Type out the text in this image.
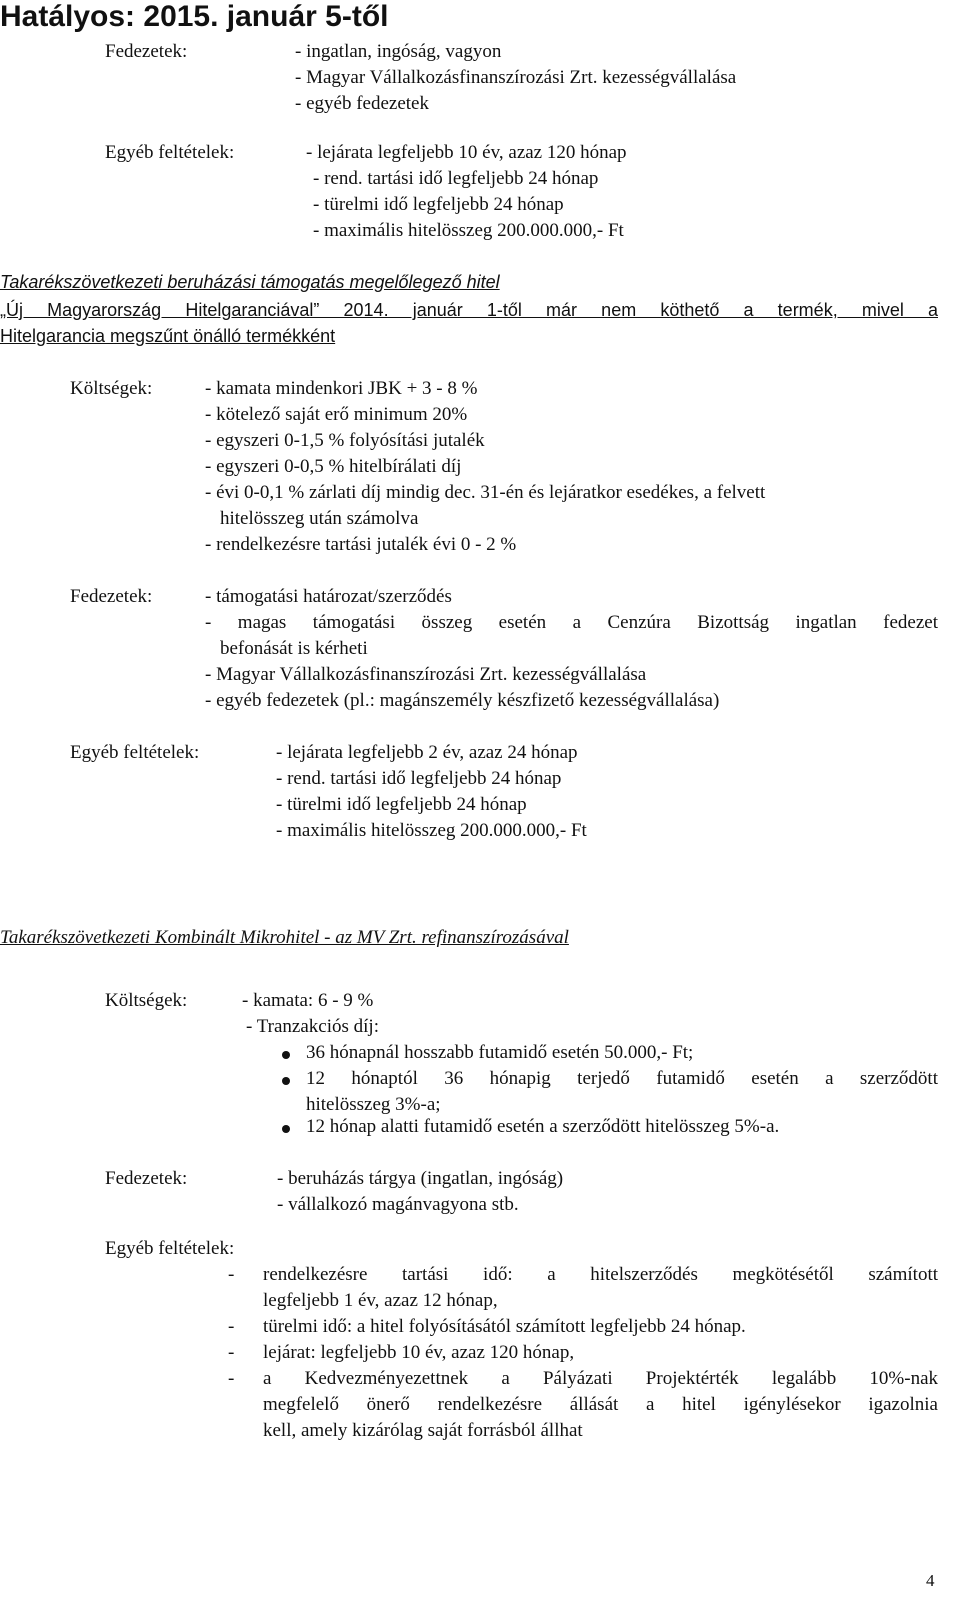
Hatályos: 2015. január 5-től
Fedezetek:	- ingatlan, ingóság, vagyon
- Magyar Vállalkozásfinanszírozási Zrt. kezességvállalása
- egyéb fedezetek
Egyéb feltételek:	- lejárata legfeljebb 10 év, azaz 120 hónap
- rend. tartási idő legfeljebb 24 hónap
- türelmi idő legfeljebb 24 hónap
- maximális hitelösszeg 200.000.000,- Ft
Takarékszövetkezeti beruházási támogatás megelőlegező hitel
„Új Magyarország Hitelgaranciával” 2014. január 1-től már nem köthető a termék, mivel a
Hitelgarancia megszűnt önálló termékként
Költségek:	- kamata mindenkori JBK + 3 - 8 %
- kötelező saját erő minimum 20%
- egyszeri 0-1,5 % folyósítási jutalék
- egyszeri 0-0,5 % hitelbírálati díj
- évi 0-0,1 % zárlati díj mindig dec. 31-én és lejáratkor esedékes, a felvett
hitelösszeg után számolva
- rendelkezésre tartási jutalék évi 0 - 2 %
Fedezetek:	- támogatási határozat/szerződés
- magas támogatási összeg esetén a Cenzúra Bizottság ingatlan fedezet
befonását is kérheti
- Magyar Vállalkozásfinanszírozási Zrt. kezességvállalása
- egyéb fedezetek (pl.: magánszemély készfizető kezességvállalása)
Egyéb feltételek:	- lejárata legfeljebb 2 év, azaz 24 hónap
- rend. tartási idő legfeljebb 24 hónap
- türelmi idő legfeljebb 24 hónap
- maximális hitelösszeg 200.000.000,- Ft
Takarékszövetkezeti Kombinált Mikrohitel - az MV Zrt. refinanszírozásával
Költségek:	- kamata: 6 - 9 %
- Tranzakciós díj:
36 hónapnál hosszabb futamidő esetén 50.000,- Ft;
12 hónaptól 36 hónapig terjedő futamidő esetén a szerződött
hitelösszeg 3%-a;
12 hónap alatti futamidő esetén a szerződött hitelösszeg 5%-a.
Fedezetek:	- beruházás tárgya (ingatlan, ingóság)
- vállalkozó magánvagyona stb.
Egyéb feltételek:
- rendelkezésre tartási idő: a hitelszerződés megkötésétől számított
legfeljebb 1 év, azaz 12 hónap,
- türelmi idő: a hitel folyósításától számított legfeljebb 24 hónap.
- lejárat: legfeljebb 10 év, azaz 120 hónap,
- a Kedvezményezettnek a Pályázati Projektérték legalább 10%-nak
megfelelő önerő rendelkezésre állását a hitel igénylésekor igazolnia
kell, amely kizárólag saját forrásból állhat
4
